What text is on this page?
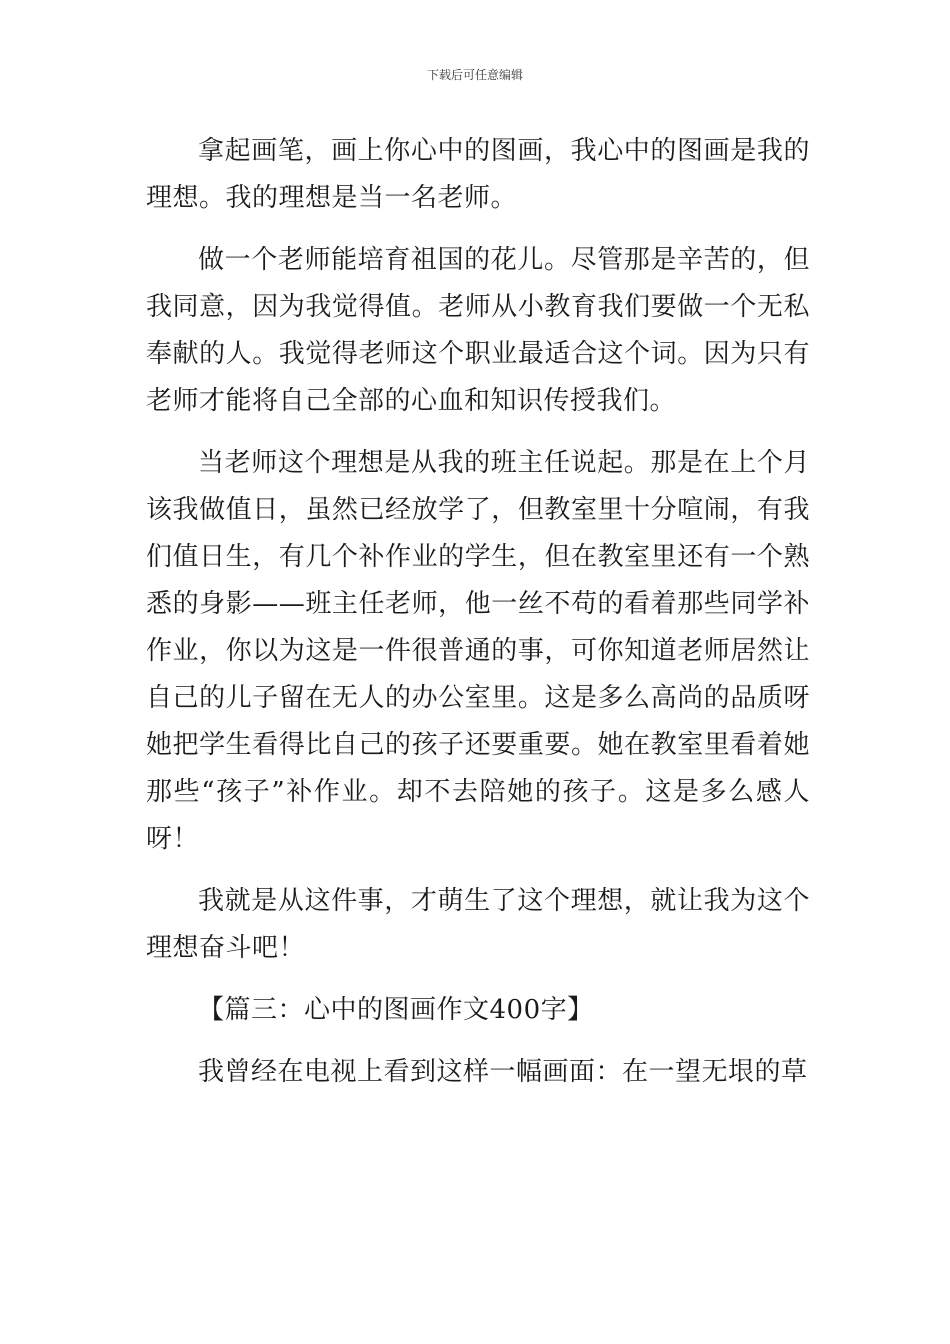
下载后可任意编辑

拿起画笔，画上你心中的图画，我心中的图画是我的理想。我的理想是当一名老师。

做一个老师能培育祖国的花儿。尽管那是辛苦的，但我同意，因为我觉得值。老师从小教育我们要做一个无私奉献的人。我觉得老师这个职业最适合这个词。因为只有老师才能将自己全部的心血和知识传授我们。

当老师这个理想是从我的班主任说起。那是在上个月该我做值日，虽然已经放学了，但教室里十分喧闹，有我们值日生，有几个补作业的学生，但在教室里还有一个熟悉的身影——班主任老师，他一丝不苟的看着那些同学补作业，你以为这是一件很普通的事，可你知道老师居然让自己的儿子留在无人的办公室里。这是多么高尚的品质呀她把学生看得比自己的孩子还要重要。她在教室里看着她那些“孩子”补作业。却不去陪她的孩子。这是多么感人呀！

我就是从这件事，才萌生了这个理想，就让我为这个理想奋斗吧！

【篇三：心中的图画作文400字】

我曾经在电视上看到这样一幅画面：在一望无垠的草
